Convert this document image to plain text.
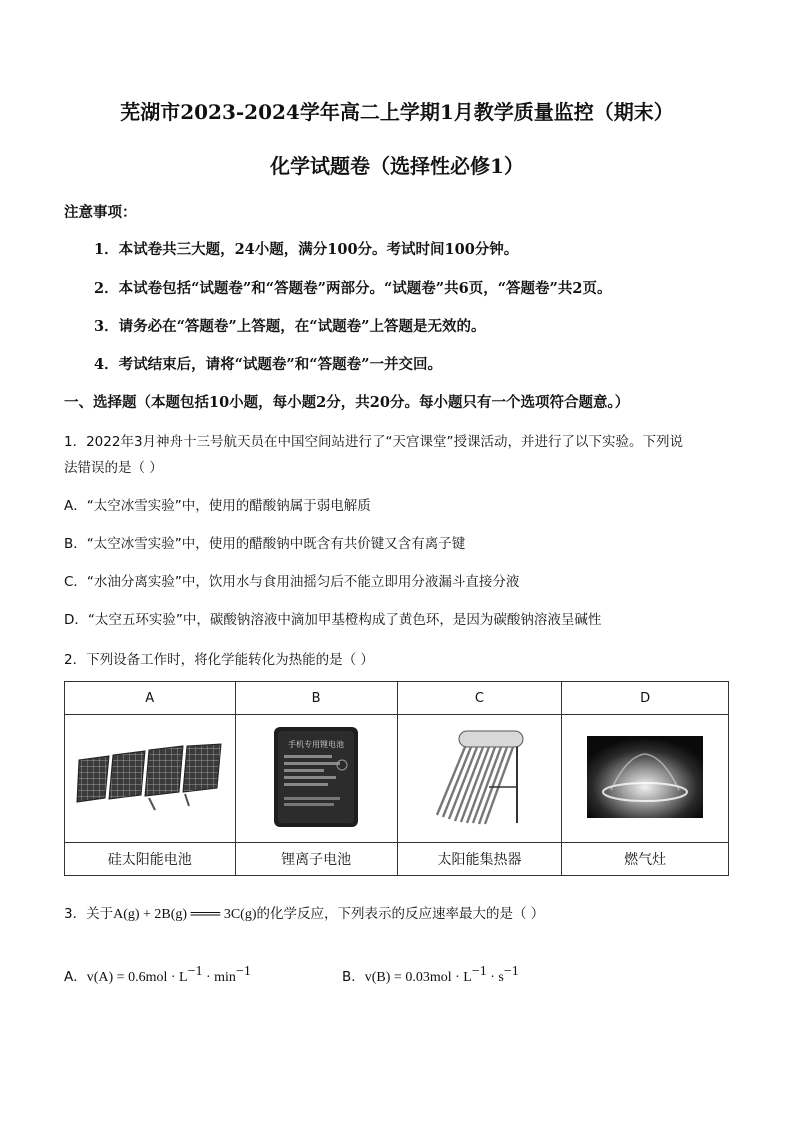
芜湖市2023-2024学年高二上学期1月教学质量监控（期末）
化学试题卷（选择性必修1）
注意事项：
1．本试卷共三大题，24小题，满分100分。考试时间100分钟。
2．本试卷包括“试题卷”和“答题卷”两部分。“试题卷”共6页，“答题卷”共2页。
3．请务必在“答题卷”上答题，在“试题卷”上答题是无效的。
4．考试结束后，请将“试题卷”和“答题卷”一并交回。
一、选择题（本题包括10小题，每小题2分，共20分。每小题只有一个选项符合题意。）
1．2022年3月神舟十三号航天员在中国空间站进行了“天宫课堂”授课活动，并进行了以下实验。下列说
法错误的是（ ）
A．“太空冰雪实验”中，使用的醋酸钠属于弱电解质
B．“太空冰雪实验”中，使用的醋酸钠中既含有共价键又含有离子键
C．“水油分离实验”中，饮用水与食用油摇匀后不能立即用分液漏斗直接分液
D．“太空五环实验”中，碳酸钠溶液中滴加甲基橙构成了黄色环，是因为碳酸钠溶液呈碱性
2．下列设备工作时，将化学能转化为热能的是（ ）
A	B	C	D

手机专用锂电池

硅太阳能电池	锂离子电池	太阳能集热器	燃气灶
3．关于A(g) + 2B(g) ═══ 3C(g)的化学反应，下列表示的反应速率最大的是（ ）
A．$v(A) = 0.6mol \cdot L^{-1} \cdot \min^{-1}$	B．$v(B) = 0.03mol \cdot L^{-1} \cdot s^{-1}$
